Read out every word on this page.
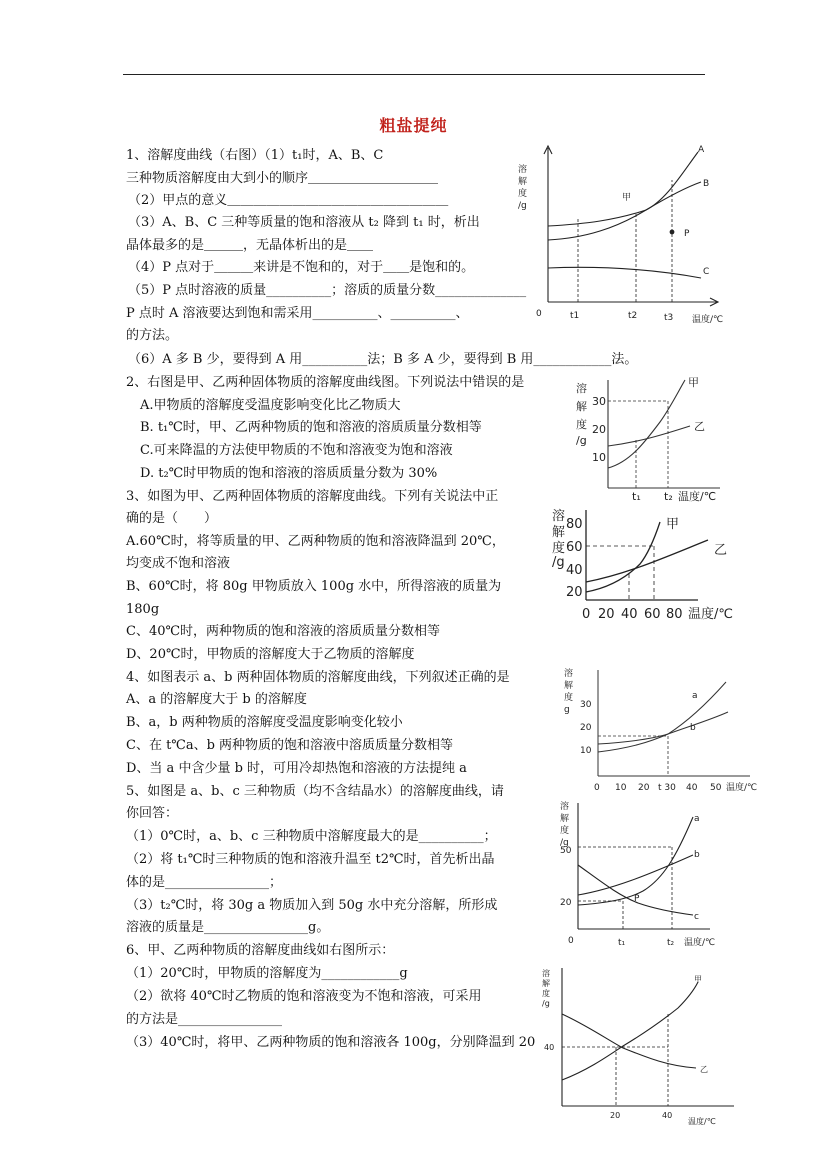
粗盐提纯
1、溶解度曲线（右图）（1）t₁时，A、B、C
三种物质溶解度由大到小的顺序＿＿＿＿＿＿＿＿＿＿
（2）甲点的意义＿＿＿＿＿＿＿＿＿＿＿＿＿＿＿＿＿
（3）A、B、C 三种等质量的饱和溶液从 t₂ 降到 t₁ 时，析出
晶体最多的是＿＿＿，无晶体析出的是＿＿
（4）P 点对于＿＿＿来讲是不饱和的，对于＿＿是饱和的。
（5）P 点时溶液的质量__________；溶质的质量分数______________
P 点时 A 溶液要达到饱和需采用__________、__________、
的方法。
（6）A 多 B 少，要得到 A 用__________法；B 多 A 少，要得到 B 用____________法。
2、右图是甲、乙两种固体物质的溶解度曲线图。下列说法中错误的是
A.甲物质的溶解度受温度影响变化比乙物质大
B. t₁℃时，甲、乙两种物质的饱和溶液的溶质质量分数相等
C.可来降温的方法使甲物质的不饱和溶液变为饱和溶液
D. t₂℃时甲物质的饱和溶液的溶质质量分数为 30%
3、如图为甲、乙两种固体物质的溶解度曲线。下列有关说法中正
确的是（　　）
A.60℃时，将等质量的甲、乙两种物质的饱和溶液降温到 20℃，
均变成不饱和溶液
B、60℃时，将 80g 甲物质放入 100g 水中，所得溶液的质量为
180g
C、40℃时，两种物质的饱和溶液的溶质质量分数相等
D、20℃时，甲物质的溶解度大于乙物质的溶解度
4、如图表示 a、b 两种固体物质的溶解度曲线，下列叙述正确的是
A、a 的溶解度大于 b 的溶解度
B、a，b 两种物质的溶解度受温度影响变化较小
C、在 t℃a、b 两种物质的饱和溶液中溶质质量分数相等
D、当 a 中含少量 b 时，可用冷却热饱和溶液的方法提纯 a
5、如图是 a、b、c 三种物质（均不含结晶水）的溶解度曲线，请
你回答：
（1）0℃时，a、b、c 三种物质中溶解度最大的是__________；
（2）将 t₁℃时三种物质的饱和溶液升温至 t2℃时，首先析出晶
体的是________________；
（3）t₂℃时，将 30g a 物质加入到 50g 水中充分溶解，所形成
溶液的质量是________________g。
6、甲、乙两种物质的溶解度曲线如右图所示：
（1）20℃时，甲物质的溶解度为____________g
（2）欲将 40℃时乙物质的饱和溶液变为不饱和溶液，可采用
的方法是________________
（3）40℃时，将甲、乙两种物质的饱和溶液各 100g，分别降温到 20
溶
解
度
/g
0	t1	t2	t3 温度/℃
A
B
C
甲
P
溶
解
度
/g
30
20
10
t₁ t₂ 温度/℃
甲
乙
溶
解
度
/g
80
60
40
20
0 20 40 60 80 温度/℃
甲
乙
溶
解
度
g 30
20
10
0 10 20 t 30 40 50 温度/℃
a
b
溶
解
度
/g
50
20
0	t₁	t₂ 温度/℃
a
b
c
P
溶
解
度
/g
40
20	40
温度/℃
甲
乙
